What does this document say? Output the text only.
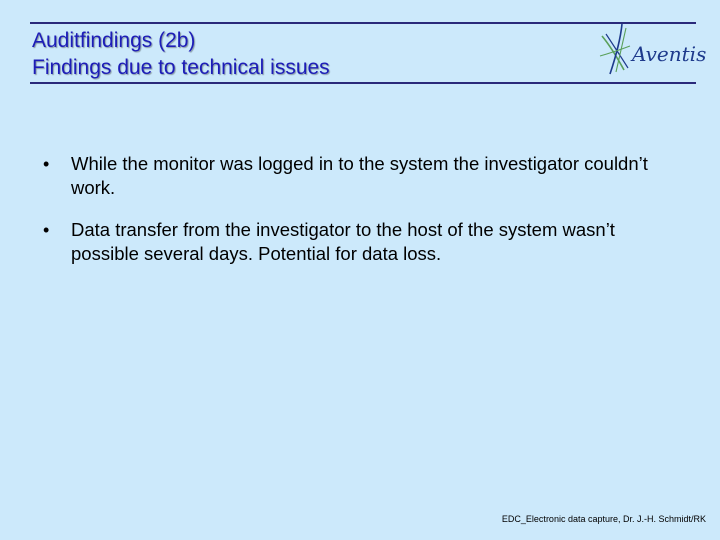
Auditfindings (2b)
Findings due to technical issues
Aventis
• While the monitor was logged in to the system the investigator couldn’t work.
• Data transfer from the investigator to the host of the system wasn’t possible several days. Potential for data loss.
EDC_Electronic data capture, Dr. J.-H. Schmidt/RK
